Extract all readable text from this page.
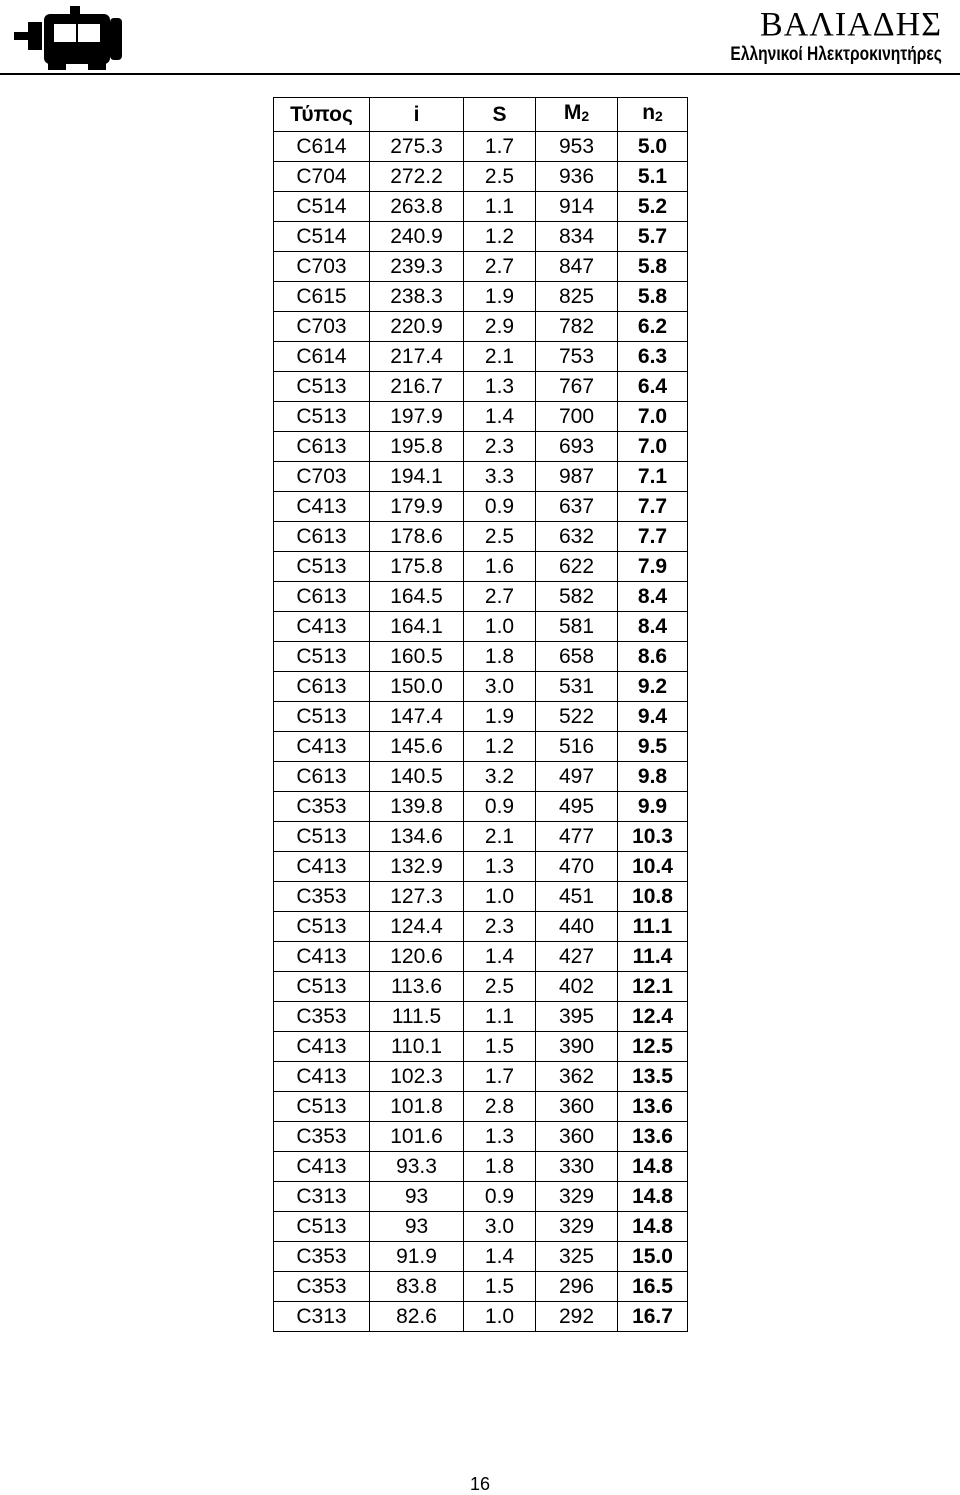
ΒΑΛΙΑΔΗΣ
Ελληνικοί Ηλεκτροκινητήρες
Τύπος	i	S	$M_2$	$n_2$
C614	275.3	1.7	953	5.0
C704	272.2	2.5	936	5.1
C514	263.8	1.1	914	5.2
C514	240.9	1.2	834	5.7
C703	239.3	2.7	847	5.8
C615	238.3	1.9	825	5.8
C703	220.9	2.9	782	6.2
C614	217.4	2.1	753	6.3
C513	216.7	1.3	767	6.4
C513	197.9	1.4	700	7.0
C613	195.8	2.3	693	7.0
C703	194.1	3.3	987	7.1
C413	179.9	0.9	637	7.7
C613	178.6	2.5	632	7.7
C513	175.8	1.6	622	7.9
C613	164.5	2.7	582	8.4
C413	164.1	1.0	581	8.4
C513	160.5	1.8	658	8.6
C613	150.0	3.0	531	9.2
C513	147.4	1.9	522	9.4
C413	145.6	1.2	516	9.5
C613	140.5	3.2	497	9.8
C353	139.8	0.9	495	9.9
C513	134.6	2.1	477	10.3
C413	132.9	1.3	470	10.4
C353	127.3	1.0	451	10.8
C513	124.4	2.3	440	11.1
C413	120.6	1.4	427	11.4
C513	113.6	2.5	402	12.1
C353	111.5	1.1	395	12.4
C413	110.1	1.5	390	12.5
C413	102.3	1.7	362	13.5
C513	101.8	2.8	360	13.6
C353	101.6	1.3	360	13.6
C413	93.3	1.8	330	14.8
C313	93	0.9	329	14.8
C513	93	3.0	329	14.8
C353	91.9	1.4	325	15.0
C353	83.8	1.5	296	16.5
C313	82.6	1.0	292	16.7
16
